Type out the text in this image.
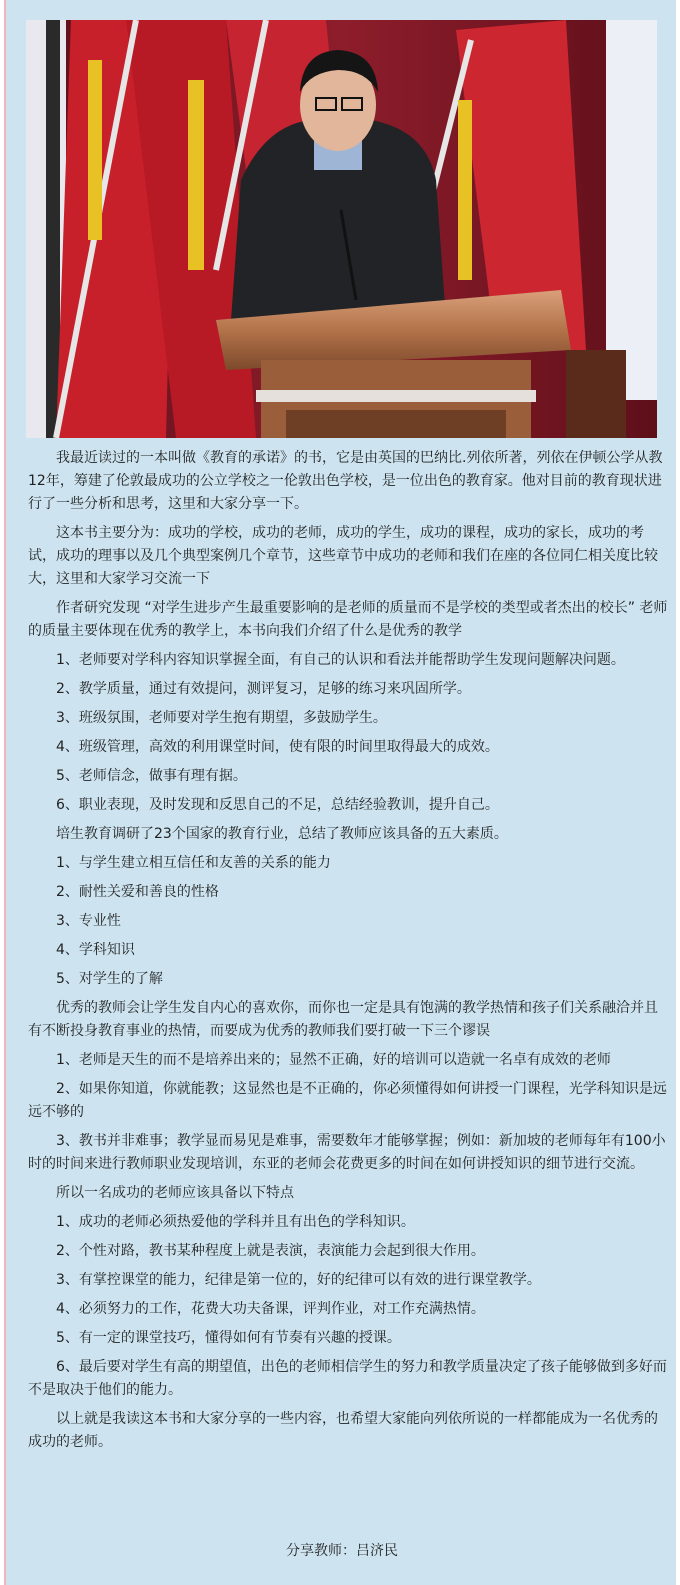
我最近读过的一本叫做《教育的承诺》的书，它是由英国的巴纳比.列依所著，列依在伊顿公学从教12年，筹建了伦敦最成功的公立学校之一伦敦出色学校，是一位出色的教育家。他对目前的教育现状进行了一些分析和思考，这里和大家分享一下。

这本书主要分为：成功的学校，成功的老师，成功的学生，成功的课程，成功的家长，成功的考试，成功的理事以及几个典型案例几个章节，这些章节中成功的老师和我们在座的各位同仁相关度比较大，这里和大家学习交流一下

作者研究发现 “对学生进步产生最重要影响的是老师的质量而不是学校的类型或者杰出的校长” 老师的质量主要体现在优秀的教学上，本书向我们介绍了什么是优秀的教学

1、老师要对学科内容知识掌握全面，有自己的认识和看法并能帮助学生发现问题解决问题。

2、教学质量，通过有效提问，测评复习，足够的练习来巩固所学。

3、班级氛围，老师要对学生抱有期望，多鼓励学生。

4、班级管理，高效的利用课堂时间，使有限的时间里取得最大的成效。

5、老师信念，做事有理有据。

6、职业表现，及时发现和反思自己的不足，总结经验教训，提升自己。

培生教育调研了23个国家的教育行业，总结了教师应该具备的五大素质。

1、与学生建立相互信任和友善的关系的能力

2、耐性关爱和善良的性格

3、专业性

4、学科知识

5、对学生的了解

优秀的教师会让学生发自内心的喜欢你，而你也一定是具有饱满的教学热情和孩子们关系融洽并且有不断投身教育事业的热情，而要成为优秀的教师我们要打破一下三个谬误

1、老师是天生的而不是培养出来的；显然不正确，好的培训可以造就一名卓有成效的老师

2、如果你知道，你就能教；这显然也是不正确的，你必须懂得如何讲授一门课程，光学科知识是远远不够的

3、教书并非难事；教学显而易见是难事，需要数年才能够掌握；例如：新加坡的老师每年有100小时的时间来进行教师职业发现培训，东亚的老师会花费更多的时间在如何讲授知识的细节进行交流。

所以一名成功的老师应该具备以下特点

1、成功的老师必须热爱他的学科并且有出色的学科知识。

2、个性对路，教书某种程度上就是表演，表演能力会起到很大作用。

3、有掌控课堂的能力，纪律是第一位的，好的纪律可以有效的进行课堂教学。

4、必须努力的工作，花费大功夫备课，评判作业，对工作充满热情。

5、有一定的课堂技巧，懂得如何有节奏有兴趣的授课。

6、最后要对学生有高的期望值，出色的老师相信学生的努力和教学质量决定了孩子能够做到多好而不是取决于他们的能力。

以上就是我读这本书和大家分享的一些内容，也希望大家能向列依所说的一样都能成为一名优秀的成功的老师。

分享教师：吕济民
